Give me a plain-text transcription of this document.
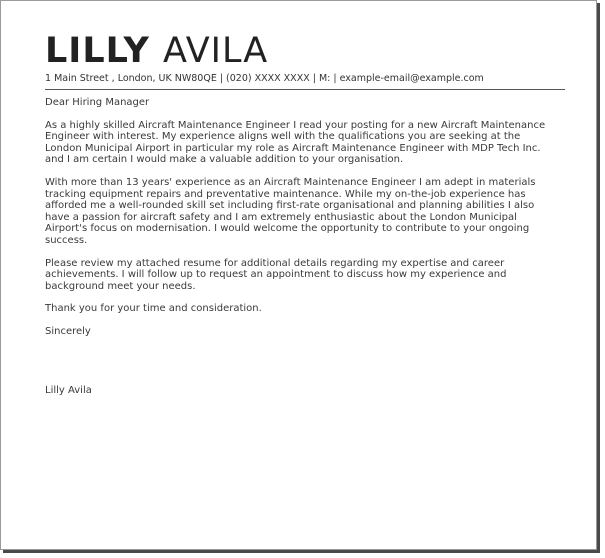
LILLY AVILA
1 Main Street , London, UK NW80QE | (020) XXXX XXXX | M: | example-email@example.com

Dear Hiring Manager

As a highly skilled Aircraft Maintenance Engineer I read your posting for a new Aircraft Maintenance Engineer with interest. My experience aligns well with the qualifications you are seeking at the London Municipal Airport in particular my role as Aircraft Maintenance Engineer with MDP Tech Inc. and I am certain I would make a valuable addition to your organisation.

With more than 13 years' experience as an Aircraft Maintenance Engineer I am adept in materials tracking equipment repairs and preventative maintenance. While my on-the-job experience has afforded me a well-rounded skill set including first-rate organisational and planning abilities I also have a passion for aircraft safety and I am extremely enthusiastic about the London Municipal Airport's focus on modernisation. I would welcome the opportunity to contribute to your ongoing success.

Please review my attached resume for additional details regarding my expertise and career achievements. I will follow up to request an appointment to discuss how my experience and background meet your needs.

Thank you for your time and consideration.

Sincerely

Lilly Avila
